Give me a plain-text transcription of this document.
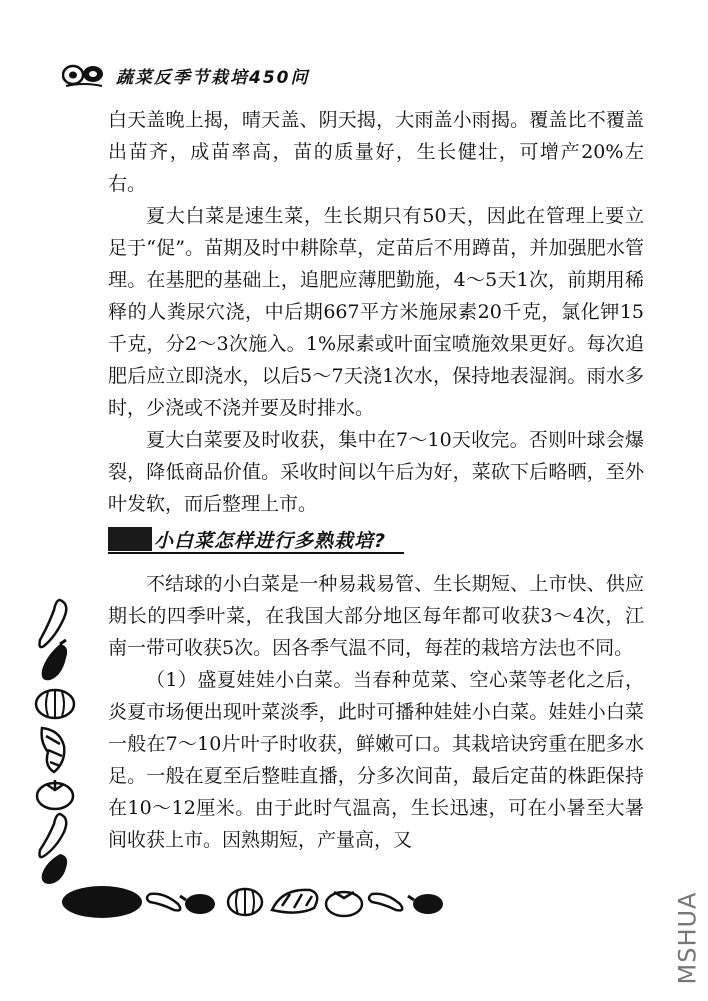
蔬菜反季节栽培450问

白天盖晚上揭，晴天盖、阴天揭，大雨盖小雨揭。覆盖比不覆盖出苗齐，成苗率高，苗的质量好，生长健壮，可增产20%左右。

夏大白菜是速生菜，生长期只有50天，因此在管理上要立足于“促”。苗期及时中耕除草，定苗后不用蹲苗，并加强肥水管理。在基肥的基础上，追肥应薄肥勤施，4～5天1次，前期用稀释的人粪尿穴浇，中后期667平方米施尿素20千克，氯化钾15千克，分2～3次施入。1%尿素或叶面宝喷施效果更好。每次追肥后应立即浇水，以后5～7天浇1次水，保持地表湿润。雨水多时，少浇或不浇并要及时排水。

夏大白菜要及时收获，集中在7～10天收完。否则叶球会爆裂，降低商品价值。采收时间以午后为好，菜砍下后略晒，至外叶发软，而后整理上市。

小白菜怎样进行多熟栽培?

不结球的小白菜是一种易栽易管、生长期短、上市快、供应期长的四季叶菜，在我国大部分地区每年都可收获3～4次，江南一带可收获5次。因各季气温不同，每茬的栽培方法也不同。

（1）盛夏娃娃小白菜。当春种苋菜、空心菜等老化之后，炎夏市场便出现叶菜淡季，此时可播种娃娃小白菜。娃娃小白菜一般在7～10片叶子时收获，鲜嫩可口。其栽培诀窍重在肥多水足。一般在夏至后整畦直播，分多次间苗，最后定苗的株距保持在10～12厘米。由于此时气温高，生长迅速，可在小暑至大暑间收获上市。因熟期短，产量高，又

MSHUA
